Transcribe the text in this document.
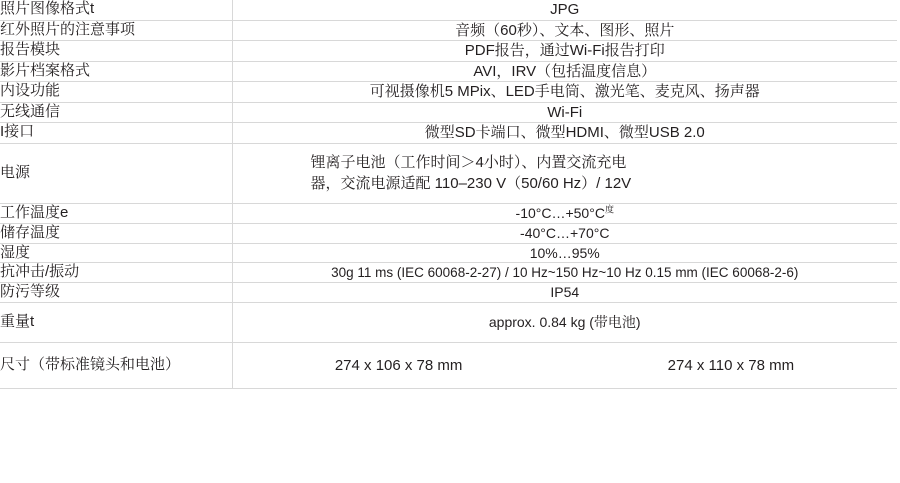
照片图像格式t	JPG
红外照片的注意事项	音频（60秒）、文本、图形、照片
报告模块	PDF报告，通过Wi-Fi报告打印
影片档案格式	AVI，IRV（包括温度信息）
内设功能	可视摄像机5 MPix、LED手电筒、激光笔、麦克风、扬声器
无线通信	Wi-Fi
I接口	微型SD卡端口、微型HDMI、微型USB 2.0
电源	锂离子电池（工作时间＞4小时）、内置交流充电
器，交流电源适配 110–230 V（50/60 Hz）/ 12V

工作温度e	-10°C…+50°C$^度$
储存温度	-40°C…+70°C
湿度	10%…95%
抗冲击/振动	30g 11 ms (IEC 60068-2-27) / 10 Hz~150 Hz~10 Hz 0.15 mm (IEC 60068-2-6)
防污等级	IP54
重量t	approx. 0.84 kg (带电池)
尺寸（带标准镜头和电池）	274 x 106 x 78 mm 274 x 110 x 78 mm
